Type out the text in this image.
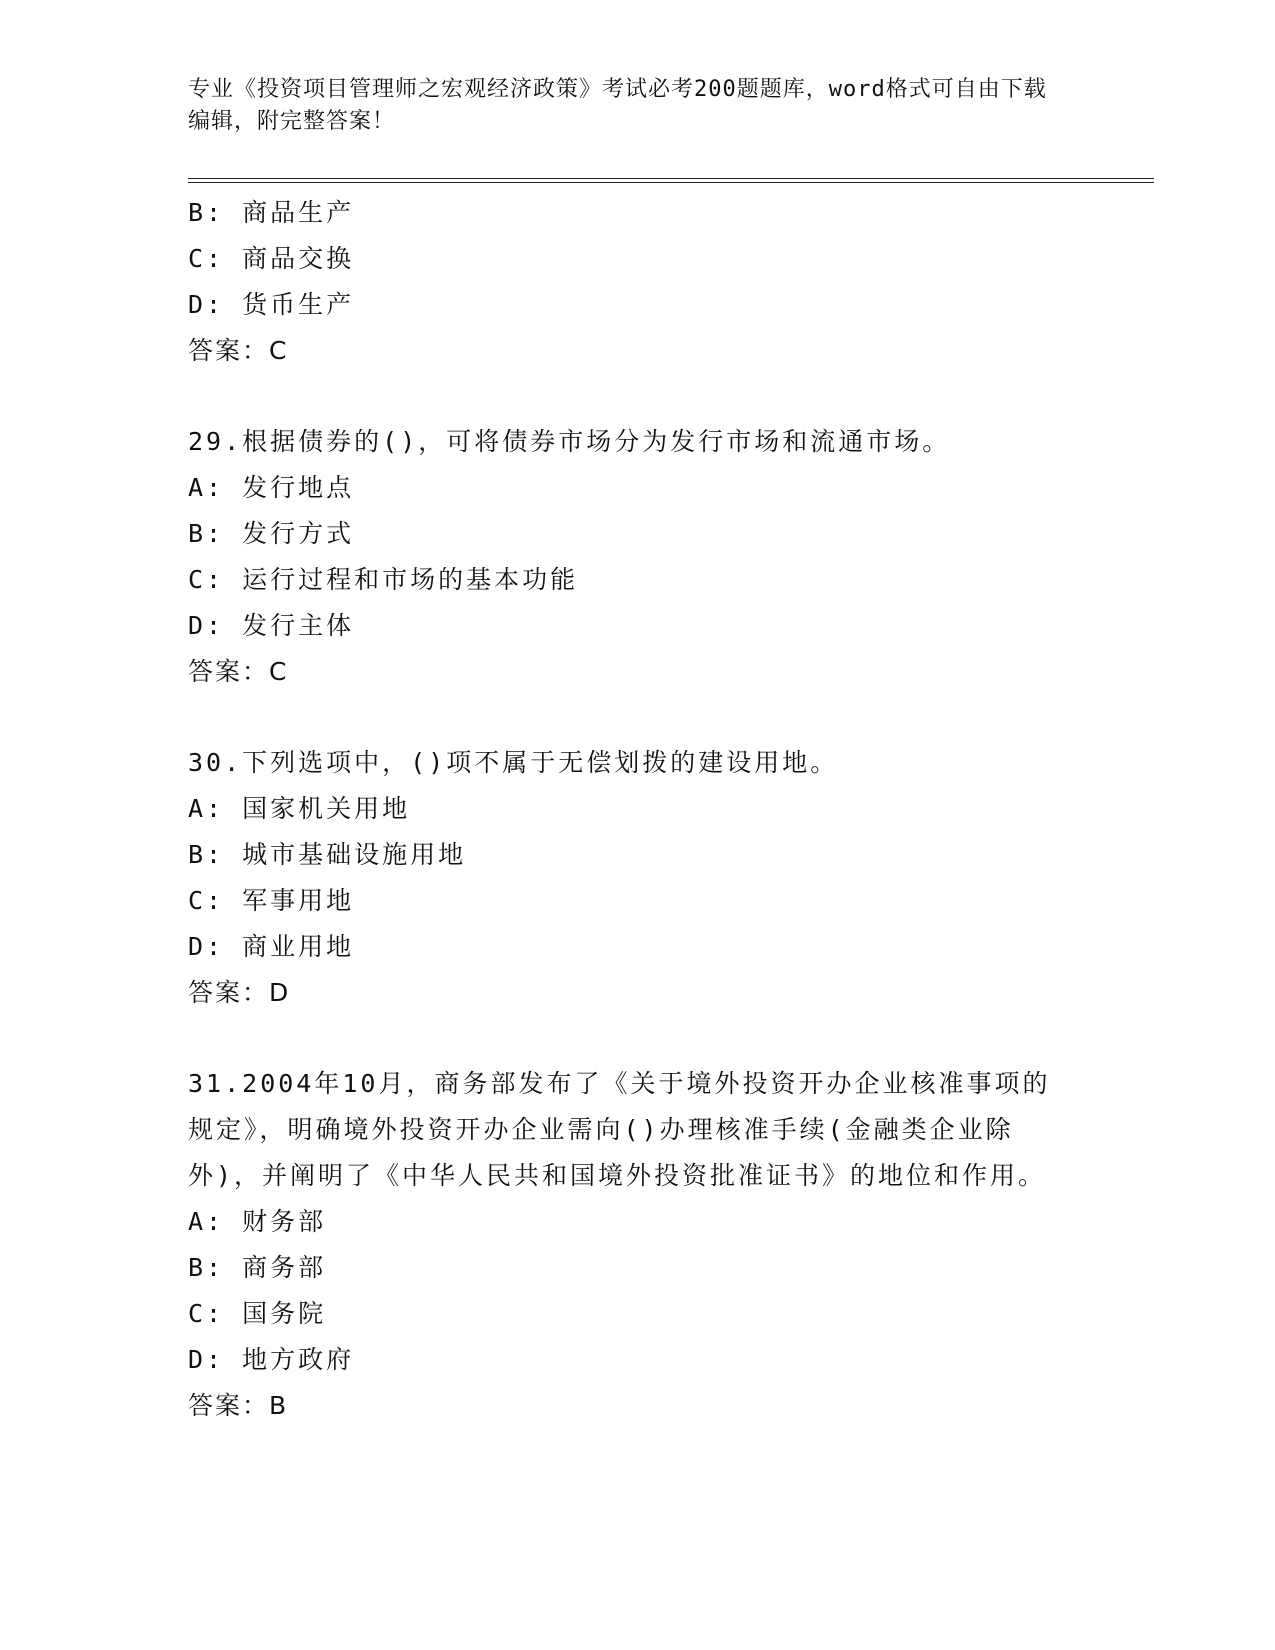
专业《投资项目管理师之宏观经济政策》考试必考200题题库，word格式可自由下载编辑，附完整答案！
B: 商品生产
C: 商品交换
D: 货币生产
答案：C
29.根据债券的()，可将债券市场分为发行市场和流通市场。
A: 发行地点
B: 发行方式
C: 运行过程和市场的基本功能
D: 发行主体
答案：C
30.下列选项中，()项不属于无偿划拨的建设用地。
A: 国家机关用地
B: 城市基础设施用地
C: 军事用地
D: 商业用地
答案：D
31.2004年10月，商务部发布了《关于境外投资开办企业核准事项的规定》，明确境外投资开办企业需向()办理核准手续(金融类企业除外)，并阐明了《中华人民共和国境外投资批准证书》的地位和作用。
A: 财务部
B: 商务部
C: 国务院
D: 地方政府
答案：B
